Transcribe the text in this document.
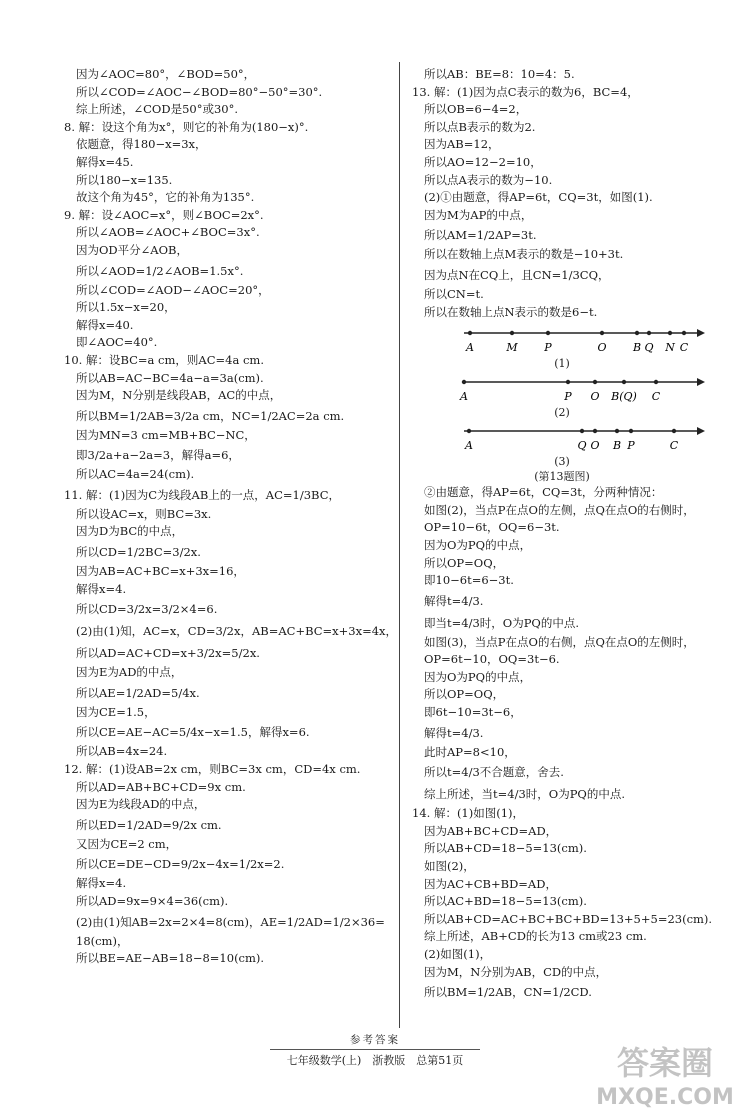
因为∠AOC=80°，∠BOD=50°，
所以∠COD=∠AOC−∠BOD=80°−50°=30°.
综上所述，∠COD是50°或30°.
8. 解：设这个角为x°，则它的补角为(180−x)°.
依题意，得180−x=3x，
解得x=45.
所以180−x=135.
故这个角为45°，它的补角为135°.
9. 解：设∠AOC=x°，则∠BOC=2x°.
所以∠AOB=∠AOC+∠BOC=3x°.
因为OD平分∠AOB，
所以∠AOD=1/2∠AOB=1.5x°.
所以∠COD=∠AOD−∠AOC=20°，
所以1.5x−x=20，
解得x=40.
即∠AOC=40°.
10. 解：设BC=a cm，则AC=4a cm.
所以AB=AC−BC=4a−a=3a(cm).
因为M，N分别是线段AB，AC的中点，
所以BM=1/2AB=3/2a cm，NC=1/2AC=2a cm.
因为MN=3 cm=MB+BC−NC，
即3/2a+a−2a=3，解得a=6，
所以AC=4a=24(cm).
11. 解：(1)因为C为线段AB上的一点，AC=1/3BC，
所以设AC=x，则BC=3x.
因为D为BC的中点，
所以CD=1/2BC=3/2x.
因为AB=AC+BC=x+3x=16，
解得x=4.
所以CD=3/2x=3/2×4=6.
(2)由(1)知，AC=x，CD=3/2x，AB=AC+BC=x+3x=4x，
所以AD=AC+CD=x+3/2x=5/2x.
因为E为AD的中点，
所以AE=1/2AD=5/4x.
因为CE=1.5，
所以CE=AE−AC=5/4x−x=1.5，解得x=6.
所以AB=4x=24.
12. 解：(1)设AB=2x cm，则BC=3x cm，CD=4x cm.
所以AD=AB+BC+CD=9x cm.
因为E为线段AD的中点，
所以ED=1/2AD=9/2x cm.
又因为CE=2 cm，
所以CE=DE−CD=9/2x−4x=1/2x=2.
解得x=4.
所以AD=9x=9×4=36(cm).
(2)由(1)知AB=2x=2×4=8(cm)，AE=1/2AD=1/2×36=
18(cm)，
所以BE=AE−AB=18−8=10(cm).
所以AB：BE=8：10=4：5.
13. 解：(1)因为点C表示的数为6，BC=4，
所以OB=6−4=2，
所以点B表示的数为2.
因为AB=12，
所以AO=12−2=10，
所以点A表示的数为−10.
(2)①由题意，得AP=6t，CQ=3t，如图(1).
因为M为AP的中点，
所以AM=1/2AP=3t.
所以在数轴上点M表示的数是−10+3t.
因为点N在CQ上，且CN=1/3CQ，
所以CN=t.
所以在数轴上点N表示的数是6−t.
A	M P	O B Q N C

(1)

A	P O B(Q) C

(2)

A	Q O B P	C

(3)

(第13题图)

②由题意，得AP=6t，CQ=3t，分两种情况：
如图(2)，当点P在点O的左侧，点Q在点O的右侧时，
OP=10−6t，OQ=6−3t.
因为O为PQ的中点，
所以OP=OQ，
即10−6t=6−3t.
解得t=4/3.
即当t=4/3时，O为PQ的中点.
如图(3)，当点P在点O的右侧，点Q在点O的左侧时，
OP=6t−10，OQ=3t−6.
因为O为PQ的中点，
所以OP=OQ，
即6t−10=3t−6，
解得t=4/3.
此时AP=8<10，
所以t=4/3不合题意，舍去.
综上所述，当t=4/3时，O为PQ的中点.
14. 解：(1)如图(1)，
因为AB+BC+CD=AD，
所以AB+CD=18−5=13(cm).
如图(2)，
因为AC+CB+BD=AD，
所以AC+BD=18−5=13(cm).
所以AB+CD=AC+BC+BC+BD=13+5+5=23(cm).
综上所述，AB+CD的长为13 cm或23 cm.
(2)如图(1)，
因为M，N分别为AB，CD的中点，
所以BM=1/2AB，CN=1/2CD.
参考答案
七年级数学(上)　浙教版　总第51页	答案圈
MXQE.COM
